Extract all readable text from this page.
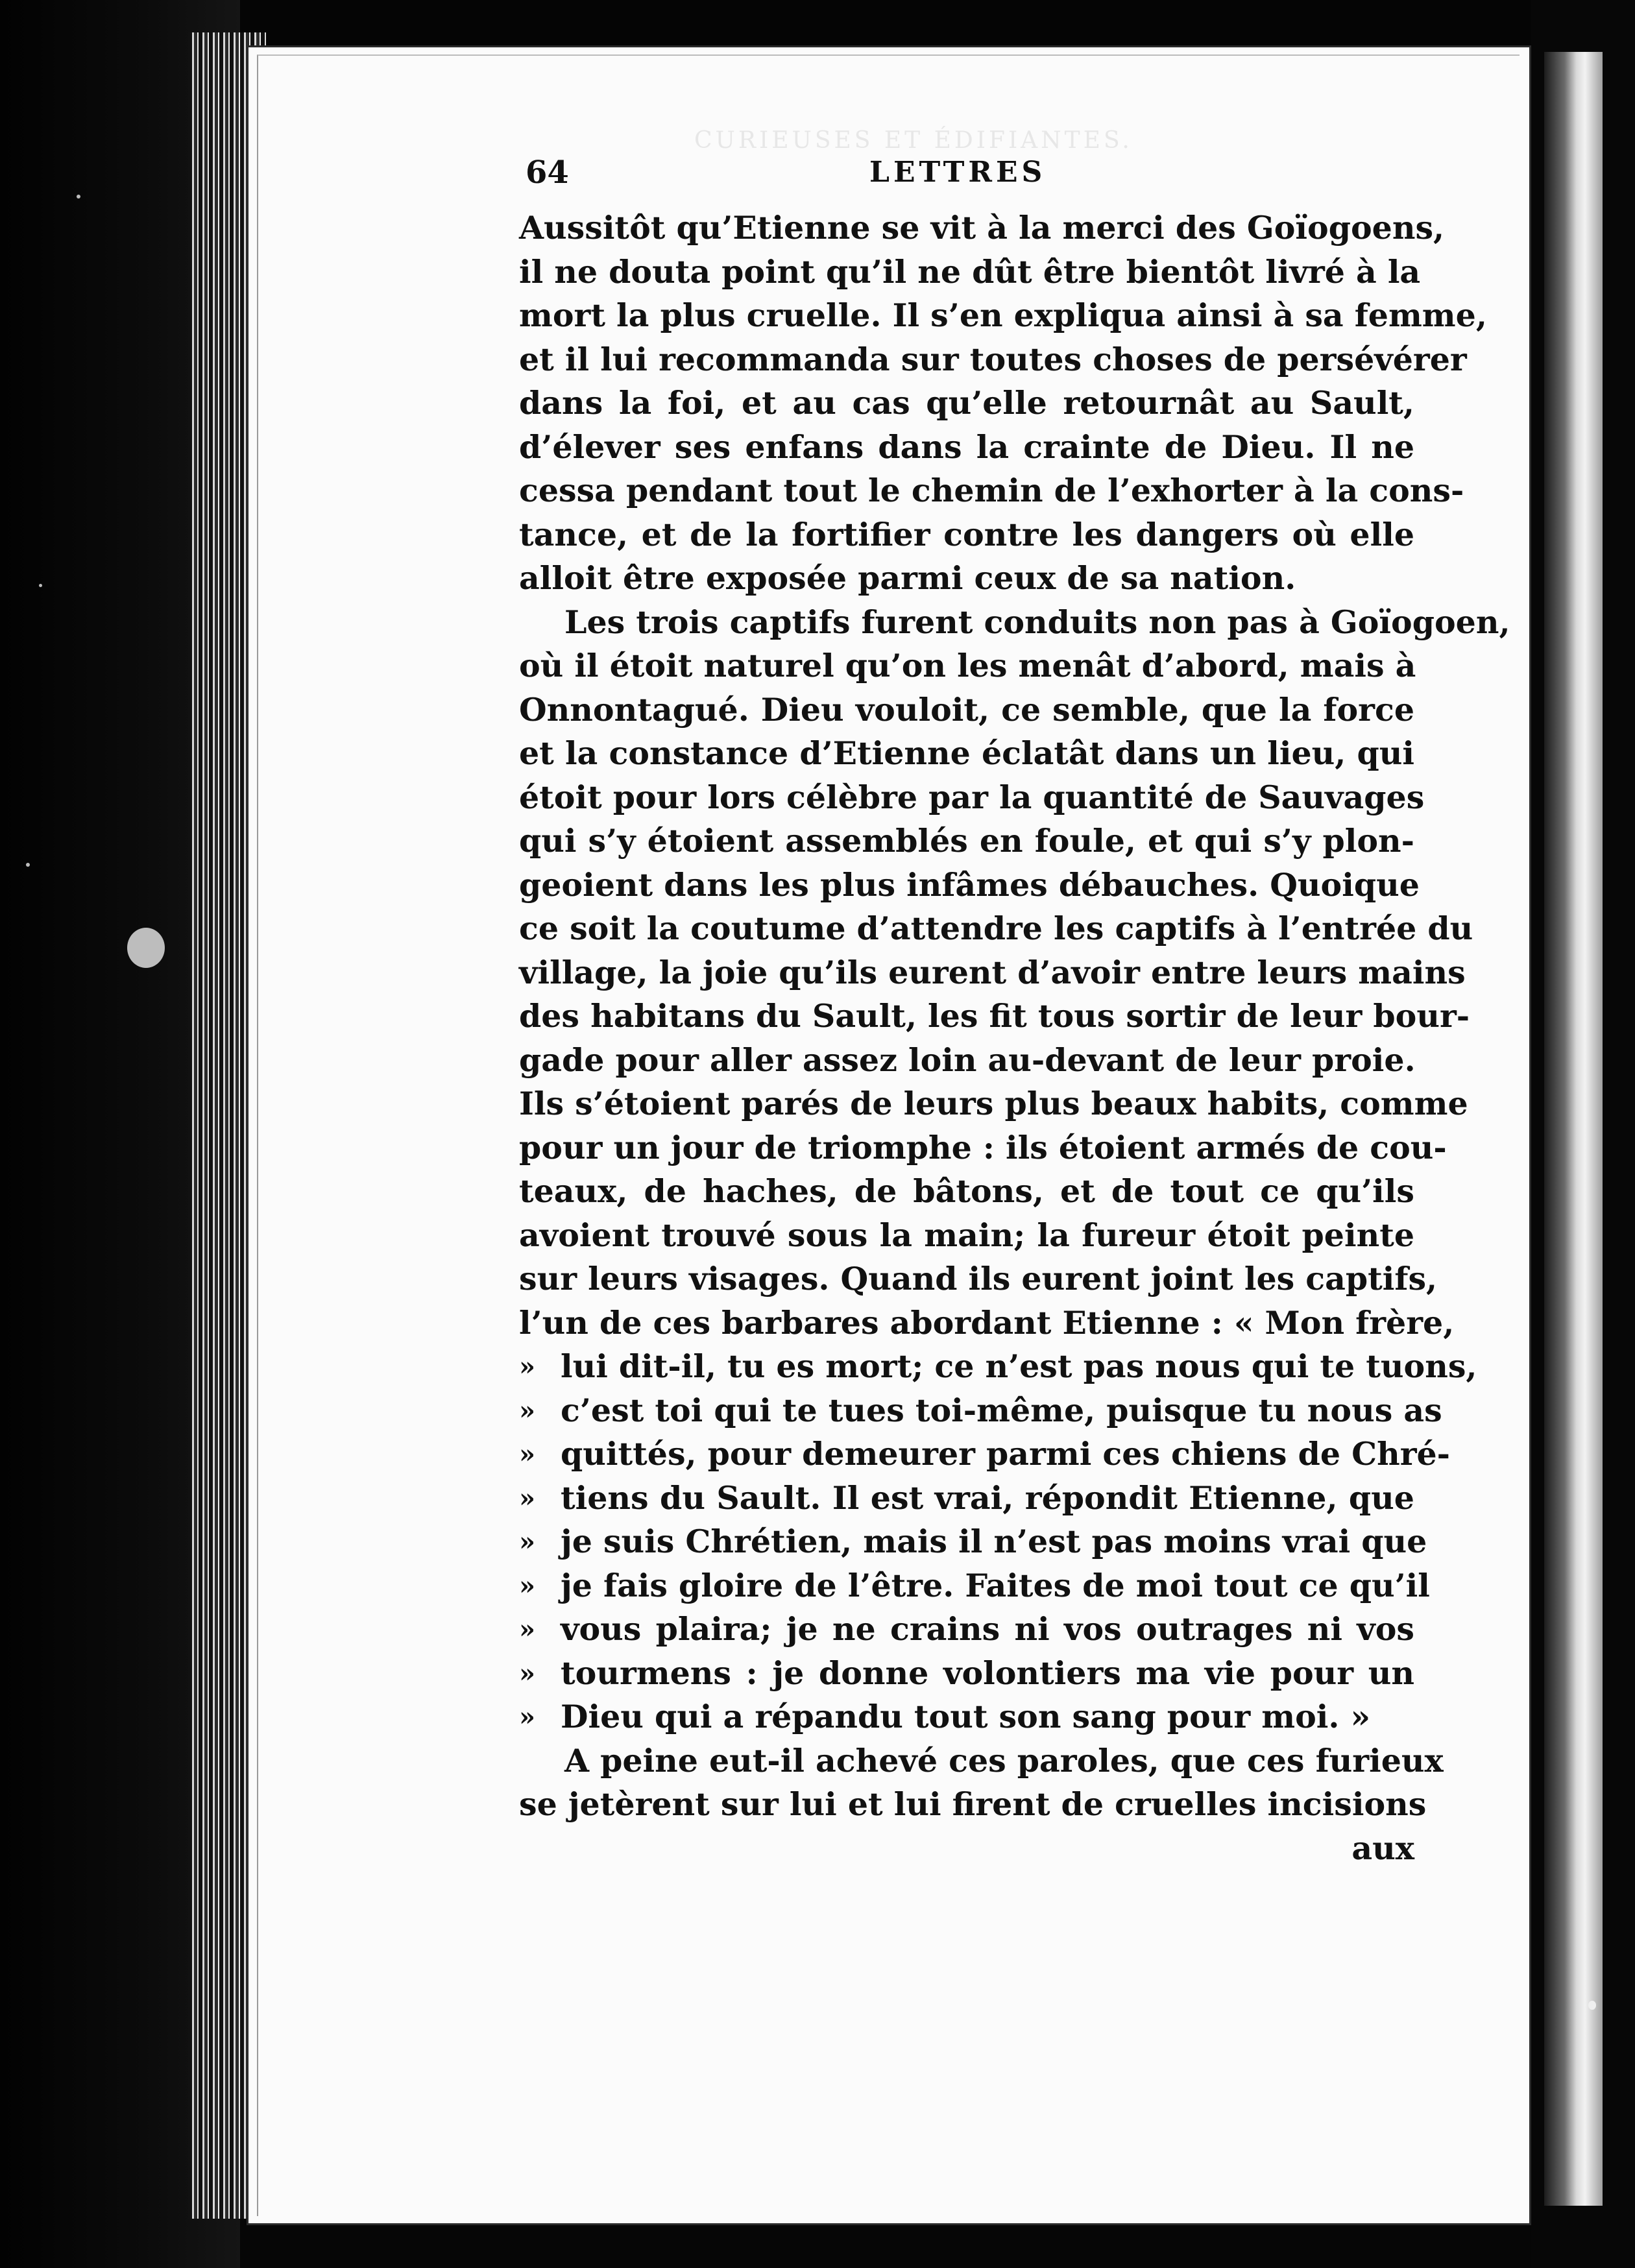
CURIEUSES ET ÉDIFIANTES.
64	LETTRES
Aussitôt qu’Etienne se vit à la merci des Goïogoens,
il ne douta point qu’il ne dût être bientôt livré à la
mort la plus cruelle. Il s’en expliqua ainsi à sa femme,
et il lui recommanda sur toutes choses de persévérer
dans la foi, et au cas qu’elle retournât au Sault,
d’élever ses enfans dans la crainte de Dieu. Il ne
cessa pendant tout le chemin de l’exhorter à la cons-
tance, et de la fortifier contre les dangers où elle
alloit être exposée parmi ceux de sa nation.
Les trois captifs furent conduits non pas à Goïogoen,
où il étoit naturel qu’on les menât d’abord, mais à
Onnontagué. Dieu vouloit, ce semble, que la force
et la constance d’Etienne éclatât dans un lieu, qui
étoit pour lors célèbre par la quantité de Sauvages
qui s’y étoient assemblés en foule, et qui s’y plon-
geoient dans les plus infâmes débauches. Quoique
ce soit la coutume d’attendre les captifs à l’entrée du
village, la joie qu’ils eurent d’avoir entre leurs mains
des habitans du Sault, les fit tous sortir de leur bour-
gade pour aller assez loin au-devant de leur proie.
Ils s’étoient parés de leurs plus beaux habits, comme
pour un jour de triomphe : ils étoient armés de cou-
teaux, de haches, de bâtons, et de tout ce qu’ils
avoient trouvé sous la main; la fureur étoit peinte
sur leurs visages. Quand ils eurent joint les captifs,
l’un de ces barbares abordant Etienne : « Mon frère,
» lui dit-il, tu es mort; ce n’est pas nous qui te tuons,
» c’est toi qui te tues toi-même, puisque tu nous as
» quittés, pour demeurer parmi ces chiens de Chré-
» tiens du Sault. Il est vrai, répondit Etienne, que
» je suis Chrétien, mais il n’est pas moins vrai que
» je fais gloire de l’être. Faites de moi tout ce qu’il
» vous plaira; je ne crains ni vos outrages ni vos
» tourmens : je donne volontiers ma vie pour un
» Dieu qui a répandu tout son sang pour moi. »
A peine eut-il achevé ces paroles, que ces furieux
se jetèrent sur lui et lui firent de cruelles incisions
aux
